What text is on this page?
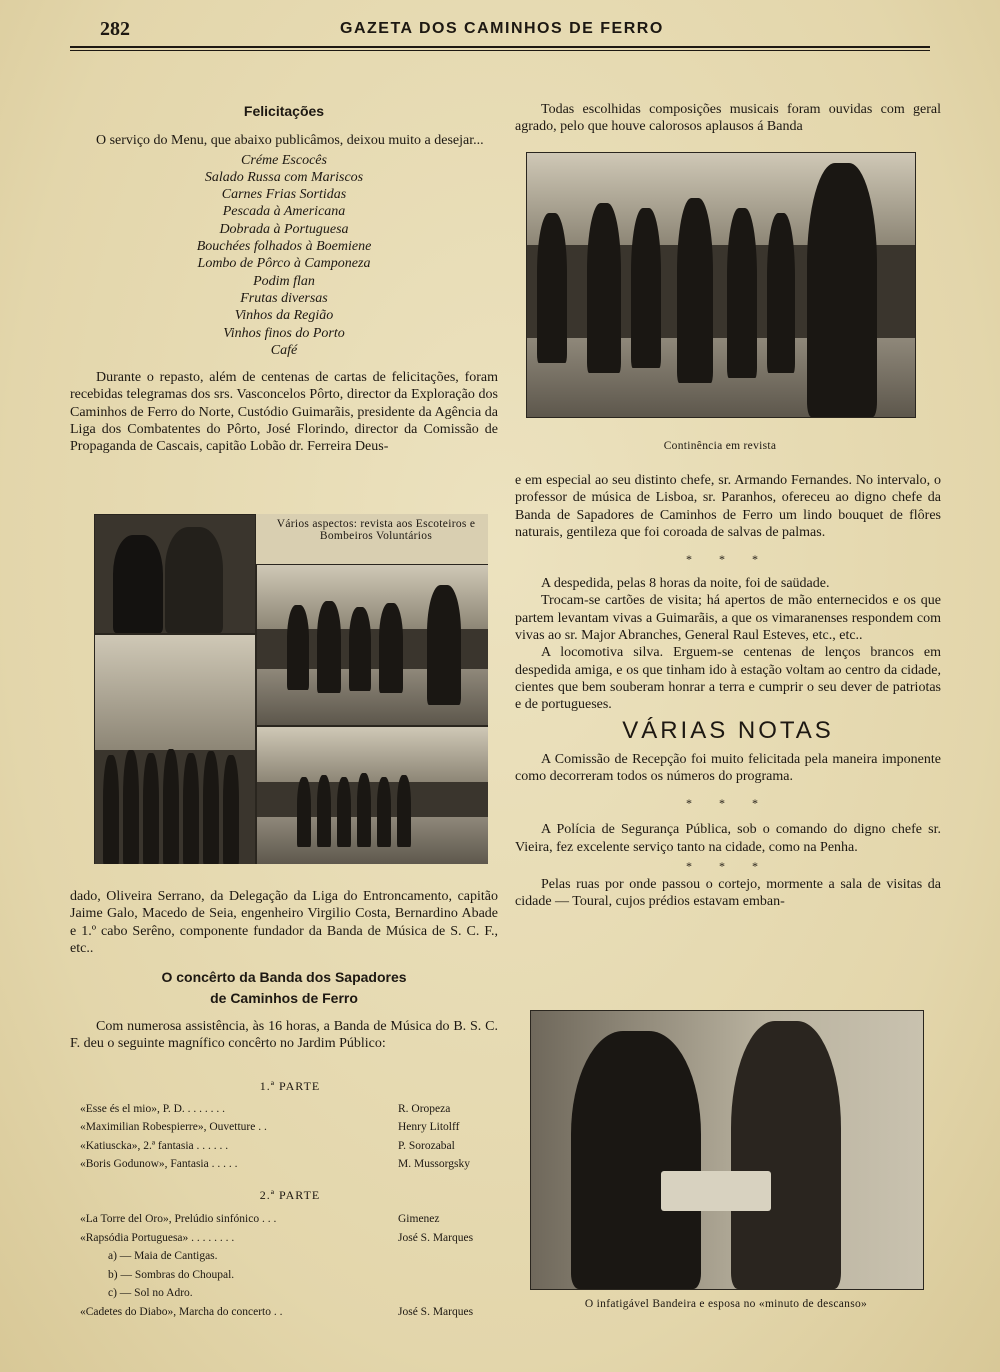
282	GAZETA DOS CAMINHOS DE FERRO
Felicitações

O serviço do Menu, que abaixo publicâmos, deixou muito a desejar...

Créme Escocês
Salado Russa com Mariscos
Carnes Frias Sortidas
Pescada à Americana
Dobrada à Portuguesa
Bouchées folhados à Boemiene
Lombo de Pôrco à Camponeza
Podim flan
Frutas diversas
Vinhos da Região
Vinhos finos do Porto
Café

Durante o repasto, além de centenas de cartas de felicitações, foram recebidas telegramas dos srs. Vasconcelos Pôrto, director da Exploração dos Caminhos de Ferro do Norte, Custódio Guimarãis, presidente da Agência da Liga dos Combatentes do Pôrto, José Florindo, director da Comissão de Propaganda de Cascais, capitão Lobão dr. Ferreira Deus-

Vários aspectos: revista aos Escoteiros e Bombeiros Voluntários

dado, Oliveira Serrano, da Delegação da Liga do Entroncamento, capitão Jaime Galo, Macedo de Seia, engenheiro Virgilio Costa, Bernardino Abade e 1.º cabo Serêno, componente fundador da Banda de Música de S. C. F., etc..

O concêrto da Banda dos Sapadores
de Caminhos de Ferro

Com numerosa assistência, às 16 horas, a Banda de Música do B. S. C. F. deu o seguinte magnífico concêrto no Jardim Público:

1.ª PARTE
«Esse és el mio», P. D. . . . . . . .	R. Oropeza
«Maximilian Robespierre», Ouvetture . .	Henry Litolff
«Katiuscka», 2.ª fantasia . . . . . .	P. Sorozabal
«Boris Godunow», Fantasia . . . . .	M. Mussorgsky
2.ª PARTE
«La Torre del Oro», Prelúdio sinfónico . . .	Gimenez
«Rapsódia Portuguesa» . . . . . . . .	José S. Marques
a) — Maia de Cantigas.
b) — Sombras do Choupal.
c) — Sol no Adro.
«Cadetes do Diabo», Marcha do concerto . .	José S. Marques

Todas escolhidas composições musicais foram ouvidas com geral agrado, pelo que houve calorosos aplausos á Banda

Continência em revista

e em especial ao seu distinto chefe, sr. Armando Fernandes. No intervalo, o professor de música de Lisboa, sr. Paranhos, ofereceu ao digno chefe da Banda de Sapadores de Caminhos de Ferro um lindo bouquet de flôres naturais, gentileza que foi coroada de salvas de palmas.

* * *

A despedida, pelas 8 horas da noite, foi de saüdade.

Trocam-se cartões de visita; há apertos de mão enternecidos e os que partem levantam vivas a Guimarãis, a que os vimaranenses respondem com vivas ao sr. Major Abranches, General Raul Esteves, etc., etc..

A locomotiva silva. Erguem-se centenas de lenços brancos em despedida amiga, e os que tinham ido à estação voltam ao centro da cidade, cientes que bem souberam honrar a terra e cumprir o seu dever de patriotas e de portugueses.

VÁRIAS NOTAS

A Comissão de Recepção foi muito felicitada pela maneira imponente como decorreram todos os números do programa.

* * *

A Polícia de Segurança Pública, sob o comando do digno chefe sr. Vieira, fez excelente serviço tanto na cidade, como na Penha.

* * *

Pelas ruas por onde passou o cortejo, mormente a sala de visitas da cidade — Toural, cujos prédios estavam emban-

O infatigável Bandeira e esposa no «minuto de descanso»
